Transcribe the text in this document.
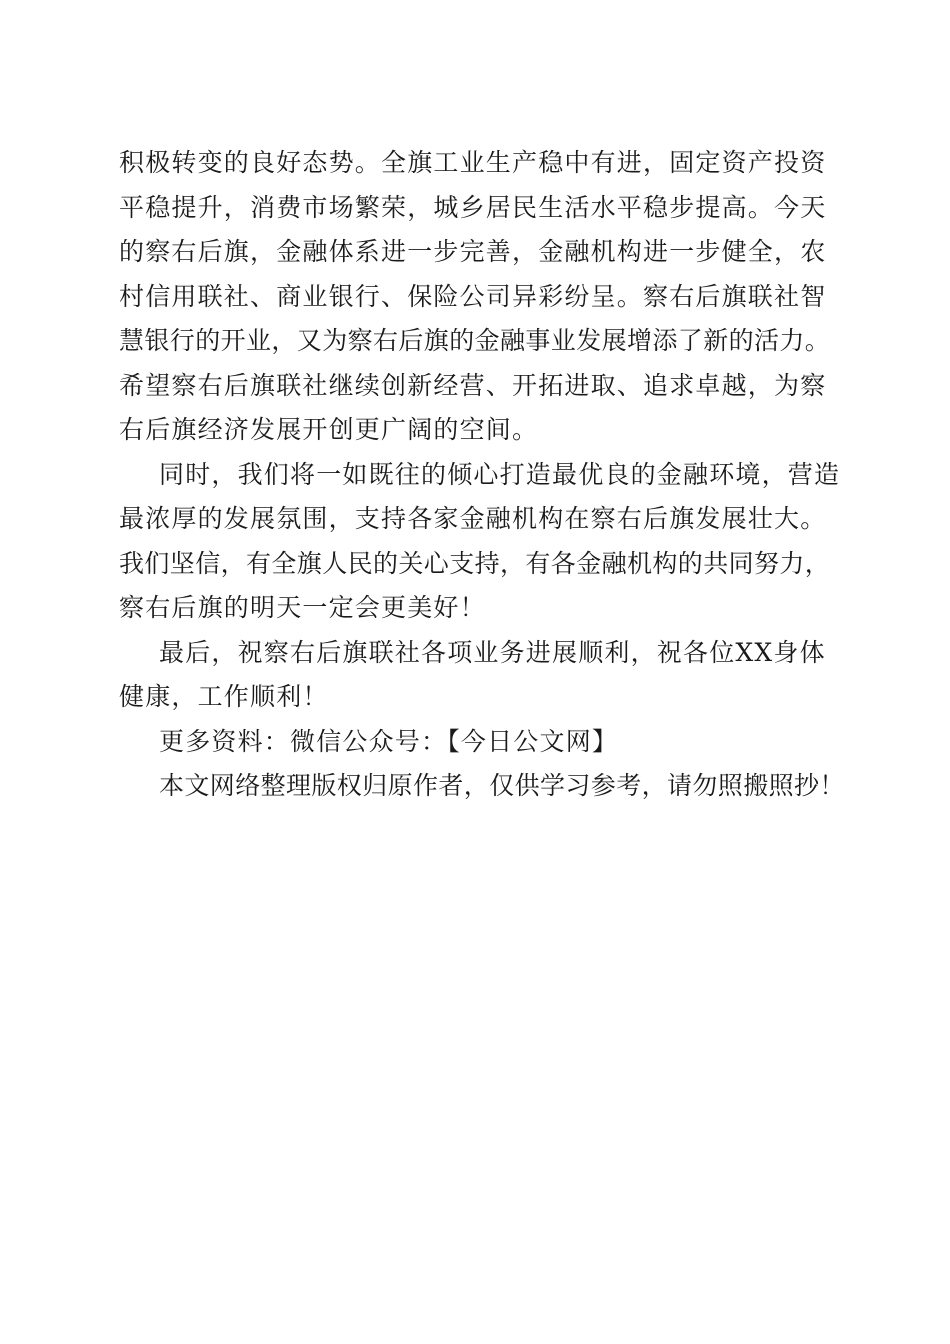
积极转变的良好态势。全旗工业生产稳中有进，固定资产投资
平稳提升，消费市场繁荣，城乡居民生活水平稳步提高。今天
的察右后旗，金融体系进一步完善，金融机构进一步健全，农
村信用联社、商业银行、保险公司异彩纷呈。察右后旗联社智
慧银行的开业，又为察右后旗的金融事业发展增添了新的活力。
希望察右后旗联社继续创新经营、开拓进取、追求卓越，为察
右后旗经济发展开创更广阔的空间。
同时，我们将一如既往的倾心打造最优良的金融环境，营造
最浓厚的发展氛围，支持各家金融机构在察右后旗发展壮大。
我们坚信，有全旗人民的关心支持，有各金融机构的共同努力，
察右后旗的明天一定会更美好！
最后，祝察右后旗联社各项业务进展顺利，祝各位XX身体
健康，工作顺利！
更多资料：微信公众号：【今日公文网】
本文网络整理版权归原作者，仅供学习参考，请勿照搬照抄！
